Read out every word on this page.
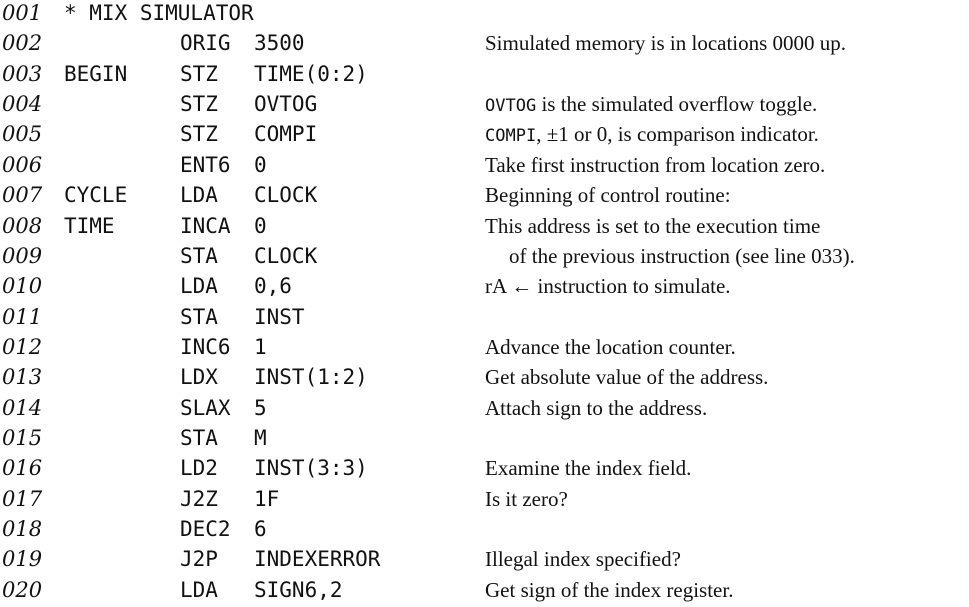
001 * MIX SIMULATOR
002	ORIG 3500	Simulated memory is in locations 0000 up.
003 BEGIN	STZ TIME(0:2)
004	STZ OVTOG	OVTOG is the simulated overflow toggle.
005	STZ COMPI	COMPI, ±1 or 0, is comparison indicator.
006	ENT6 0	Take first instruction from location zero.
007 CYCLE	LDA CLOCK	Beginning of control routine:
008 TIME	INCA 0	This address is set to the execution time
009	STA CLOCK	of the previous instruction (see line 033).
010	LDA 0,6	rA ← instruction to simulate.
011	STA INST
012	INC6 1	Advance the location counter.
013	LDX INST(1:2)	Get absolute value of the address.
014	SLAX 5	Attach sign to the address.
015	STA M
016	LD2 INST(3:3)	Examine the index field.
017	J2Z 1F	Is it zero?
018	DEC2 6
019	J2P INDEXERROR	Illegal index specified?
020	LDA SIGN6,2	Get sign of the index register.
